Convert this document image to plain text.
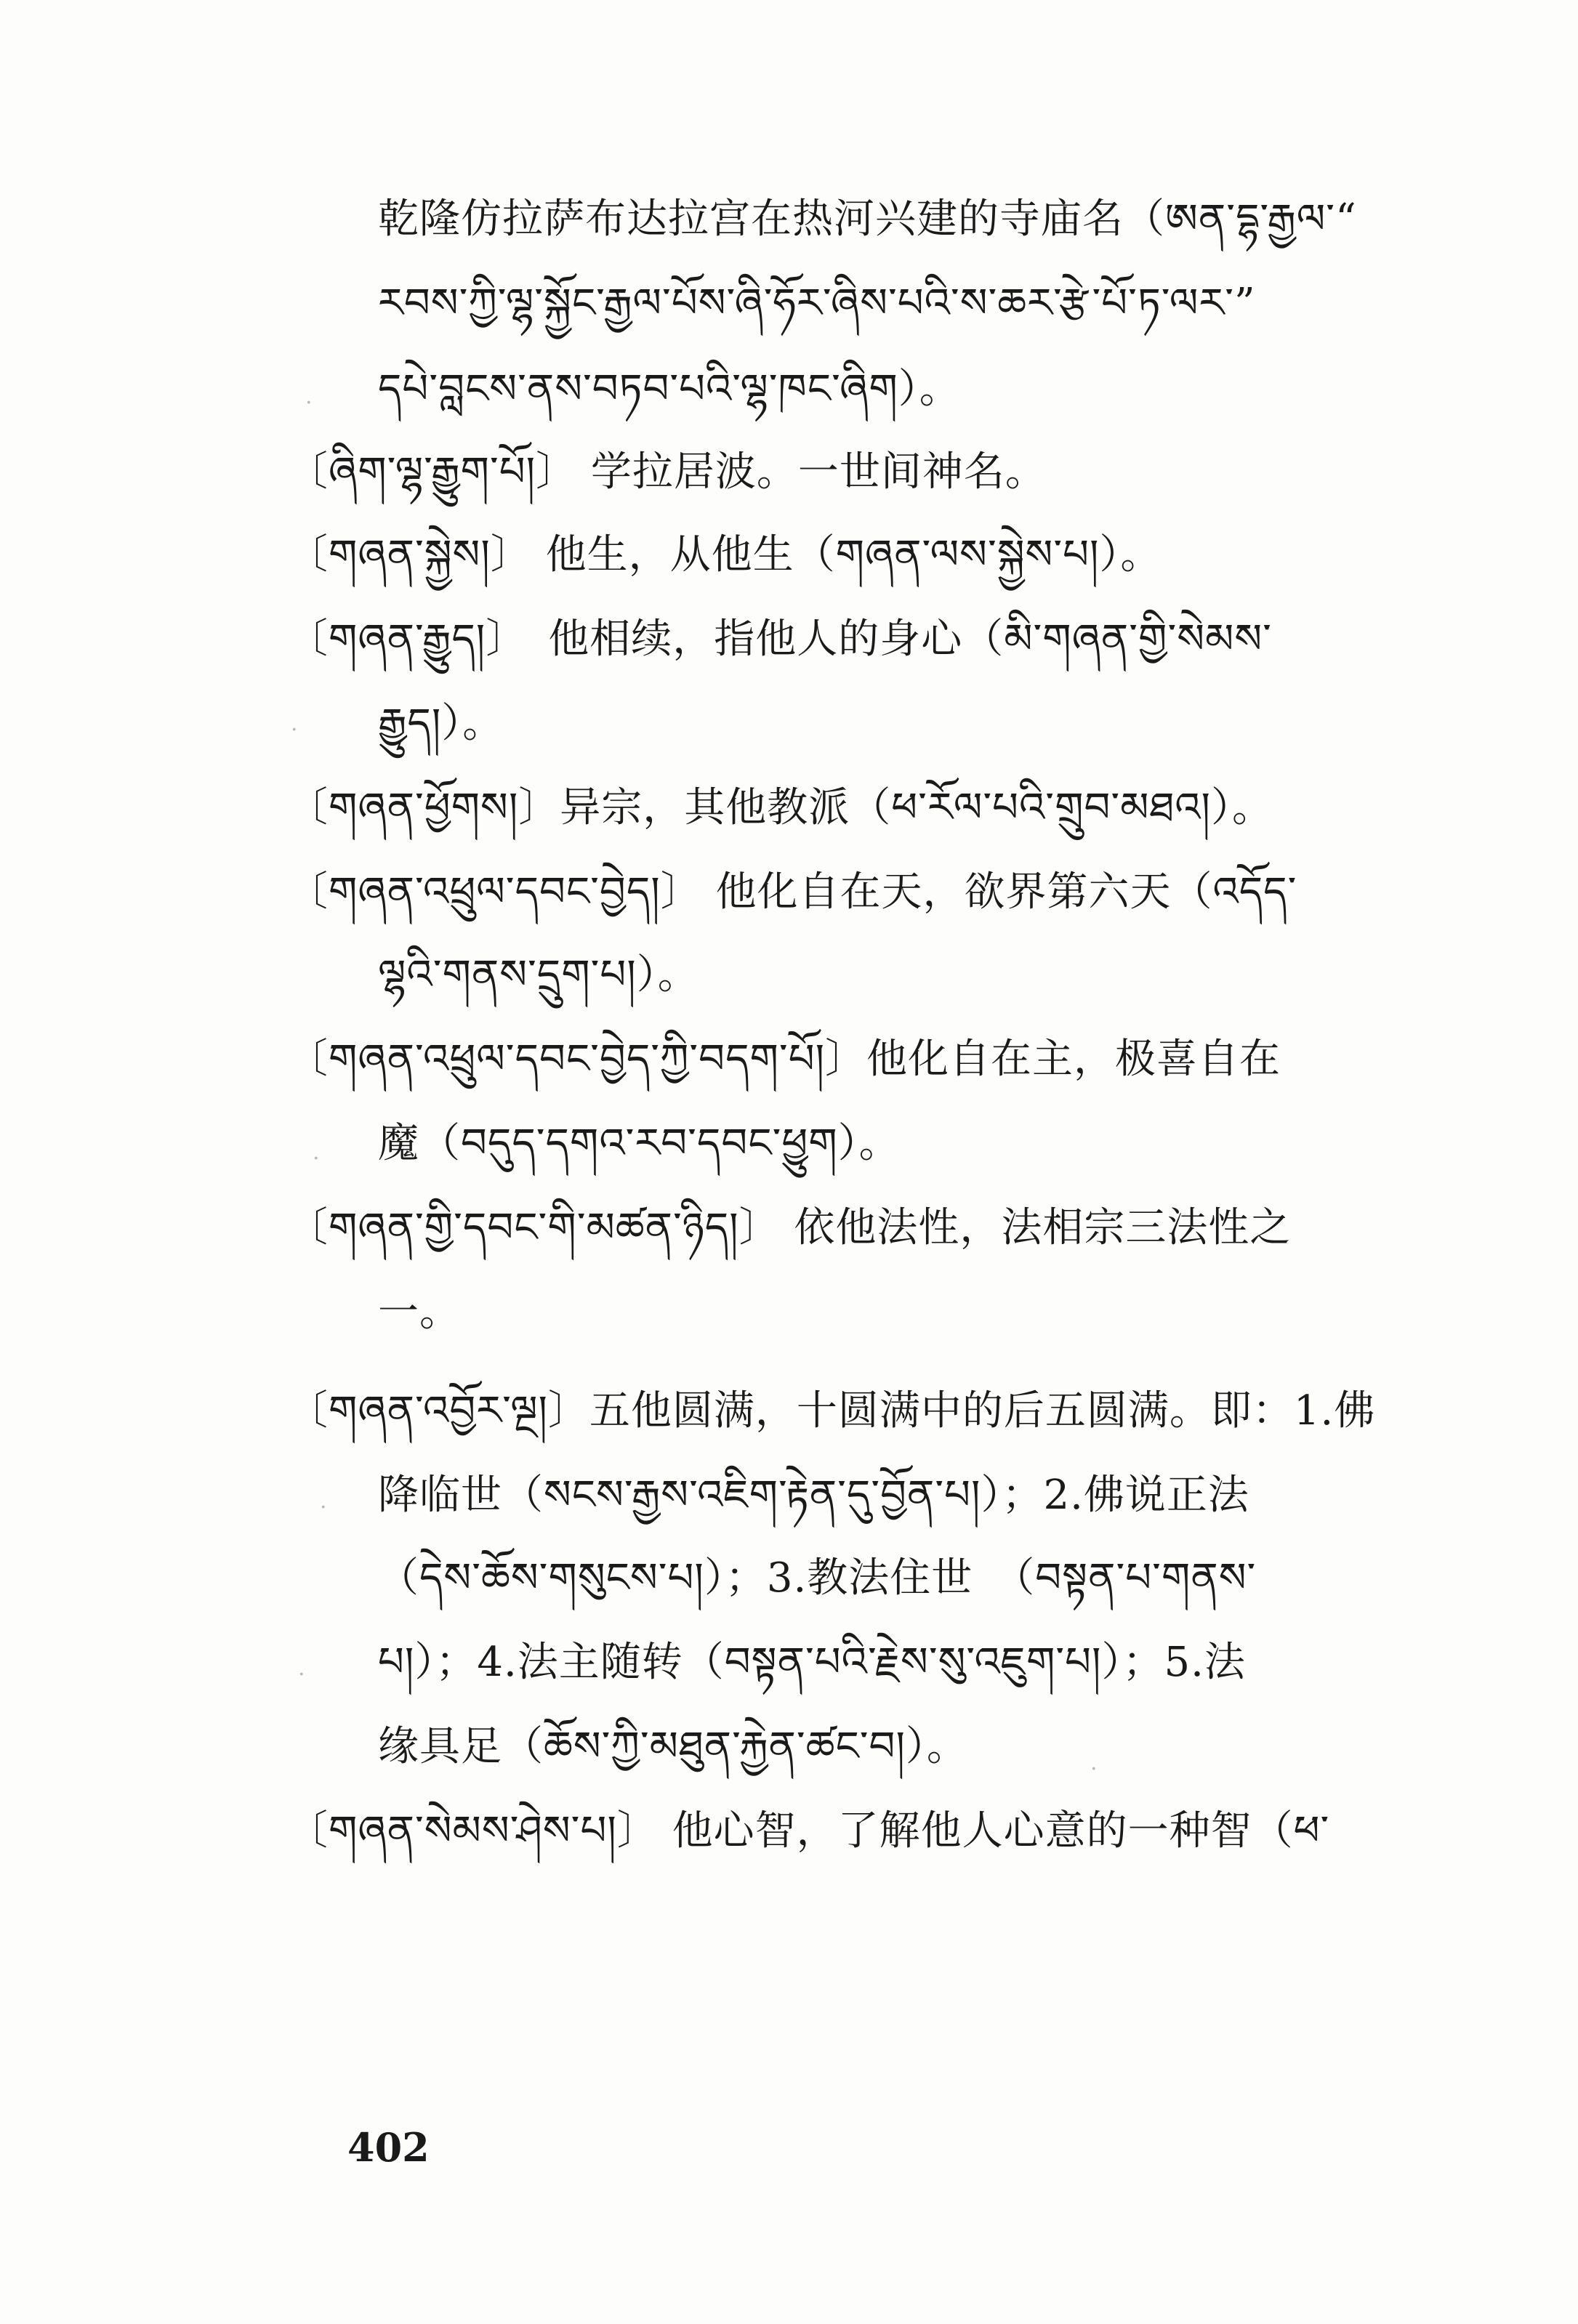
乾隆仿拉萨布达拉宫在热河兴建的寺庙名（ཨན་དྷ་རྒྱལ་“
རབས་ཀྱི་ལྷ་སྐྱོང་རྒྱལ་པོས་ཞི་ཧོར་ཞིས་པའི་ས་ཆར་རྩེ་པོ་ཏ་ལར་”
དཔེ་བླངས་ནས་བཏབ་པའི་ལྷ་ཁང་ཞིག）。
〔ཞིག་ལྷ་རྒྱུག་པོ།〕 学拉居波。一世间神名。
〔གཞན་སྐྱེས།〕 他生，从他生（གཞན་ལས་སྐྱེས་པ།）。
〔གཞན་རྒྱུད།〕　他相续，指他人的身心（མི་གཞན་གྱི་སེམས་
རྒྱུད།）。
〔གཞན་ཕྱོགས།〕异宗，其他教派（ཕ་རོལ་པའི་གྲུབ་མཐའ།）。
〔གཞན་འཕྲུལ་དབང་བྱེད།〕 他化自在天，欲界第六天（འདོད་
ལྷའི་གནས་དྲུག་པ།）。
〔གཞན་འཕྲུལ་དབང་བྱེད་ཀྱི་བདག་པོ།〕他化自在主，极喜自在
魔（བདུད་དགའ་རབ་དབང་ཕྱུག）。
〔གཞན་གྱི་དབང་གི་མཚན་ཉིད།〕 依他法性，法相宗三法性之
一。
〔གཞན་འབྱོར་ལྔ།〕五他圆满，十圆满中的后五圆满。即：1.佛
降临世（སངས་རྒྱས་འཇིག་རྟེན་དུ་བྱོན་པ།）；2.佛说正法
（དེས་ཆོས་གསུངས་པ།）；3.教法住世　（བསྟན་པ་གནས་
པ།）；4.法主随转（བསྟན་པའི་རྗེས་སུ་འཇུག་པ།）；5.法
缘具足（ཆོས་ཀྱི་མཐུན་རྐྱེན་ཚང་བ།）。
〔གཞན་སེམས་ཤེས་པ།〕 他心智，了解他人心意的一种智（ཕ་
402
·
·
·
·
·
·
